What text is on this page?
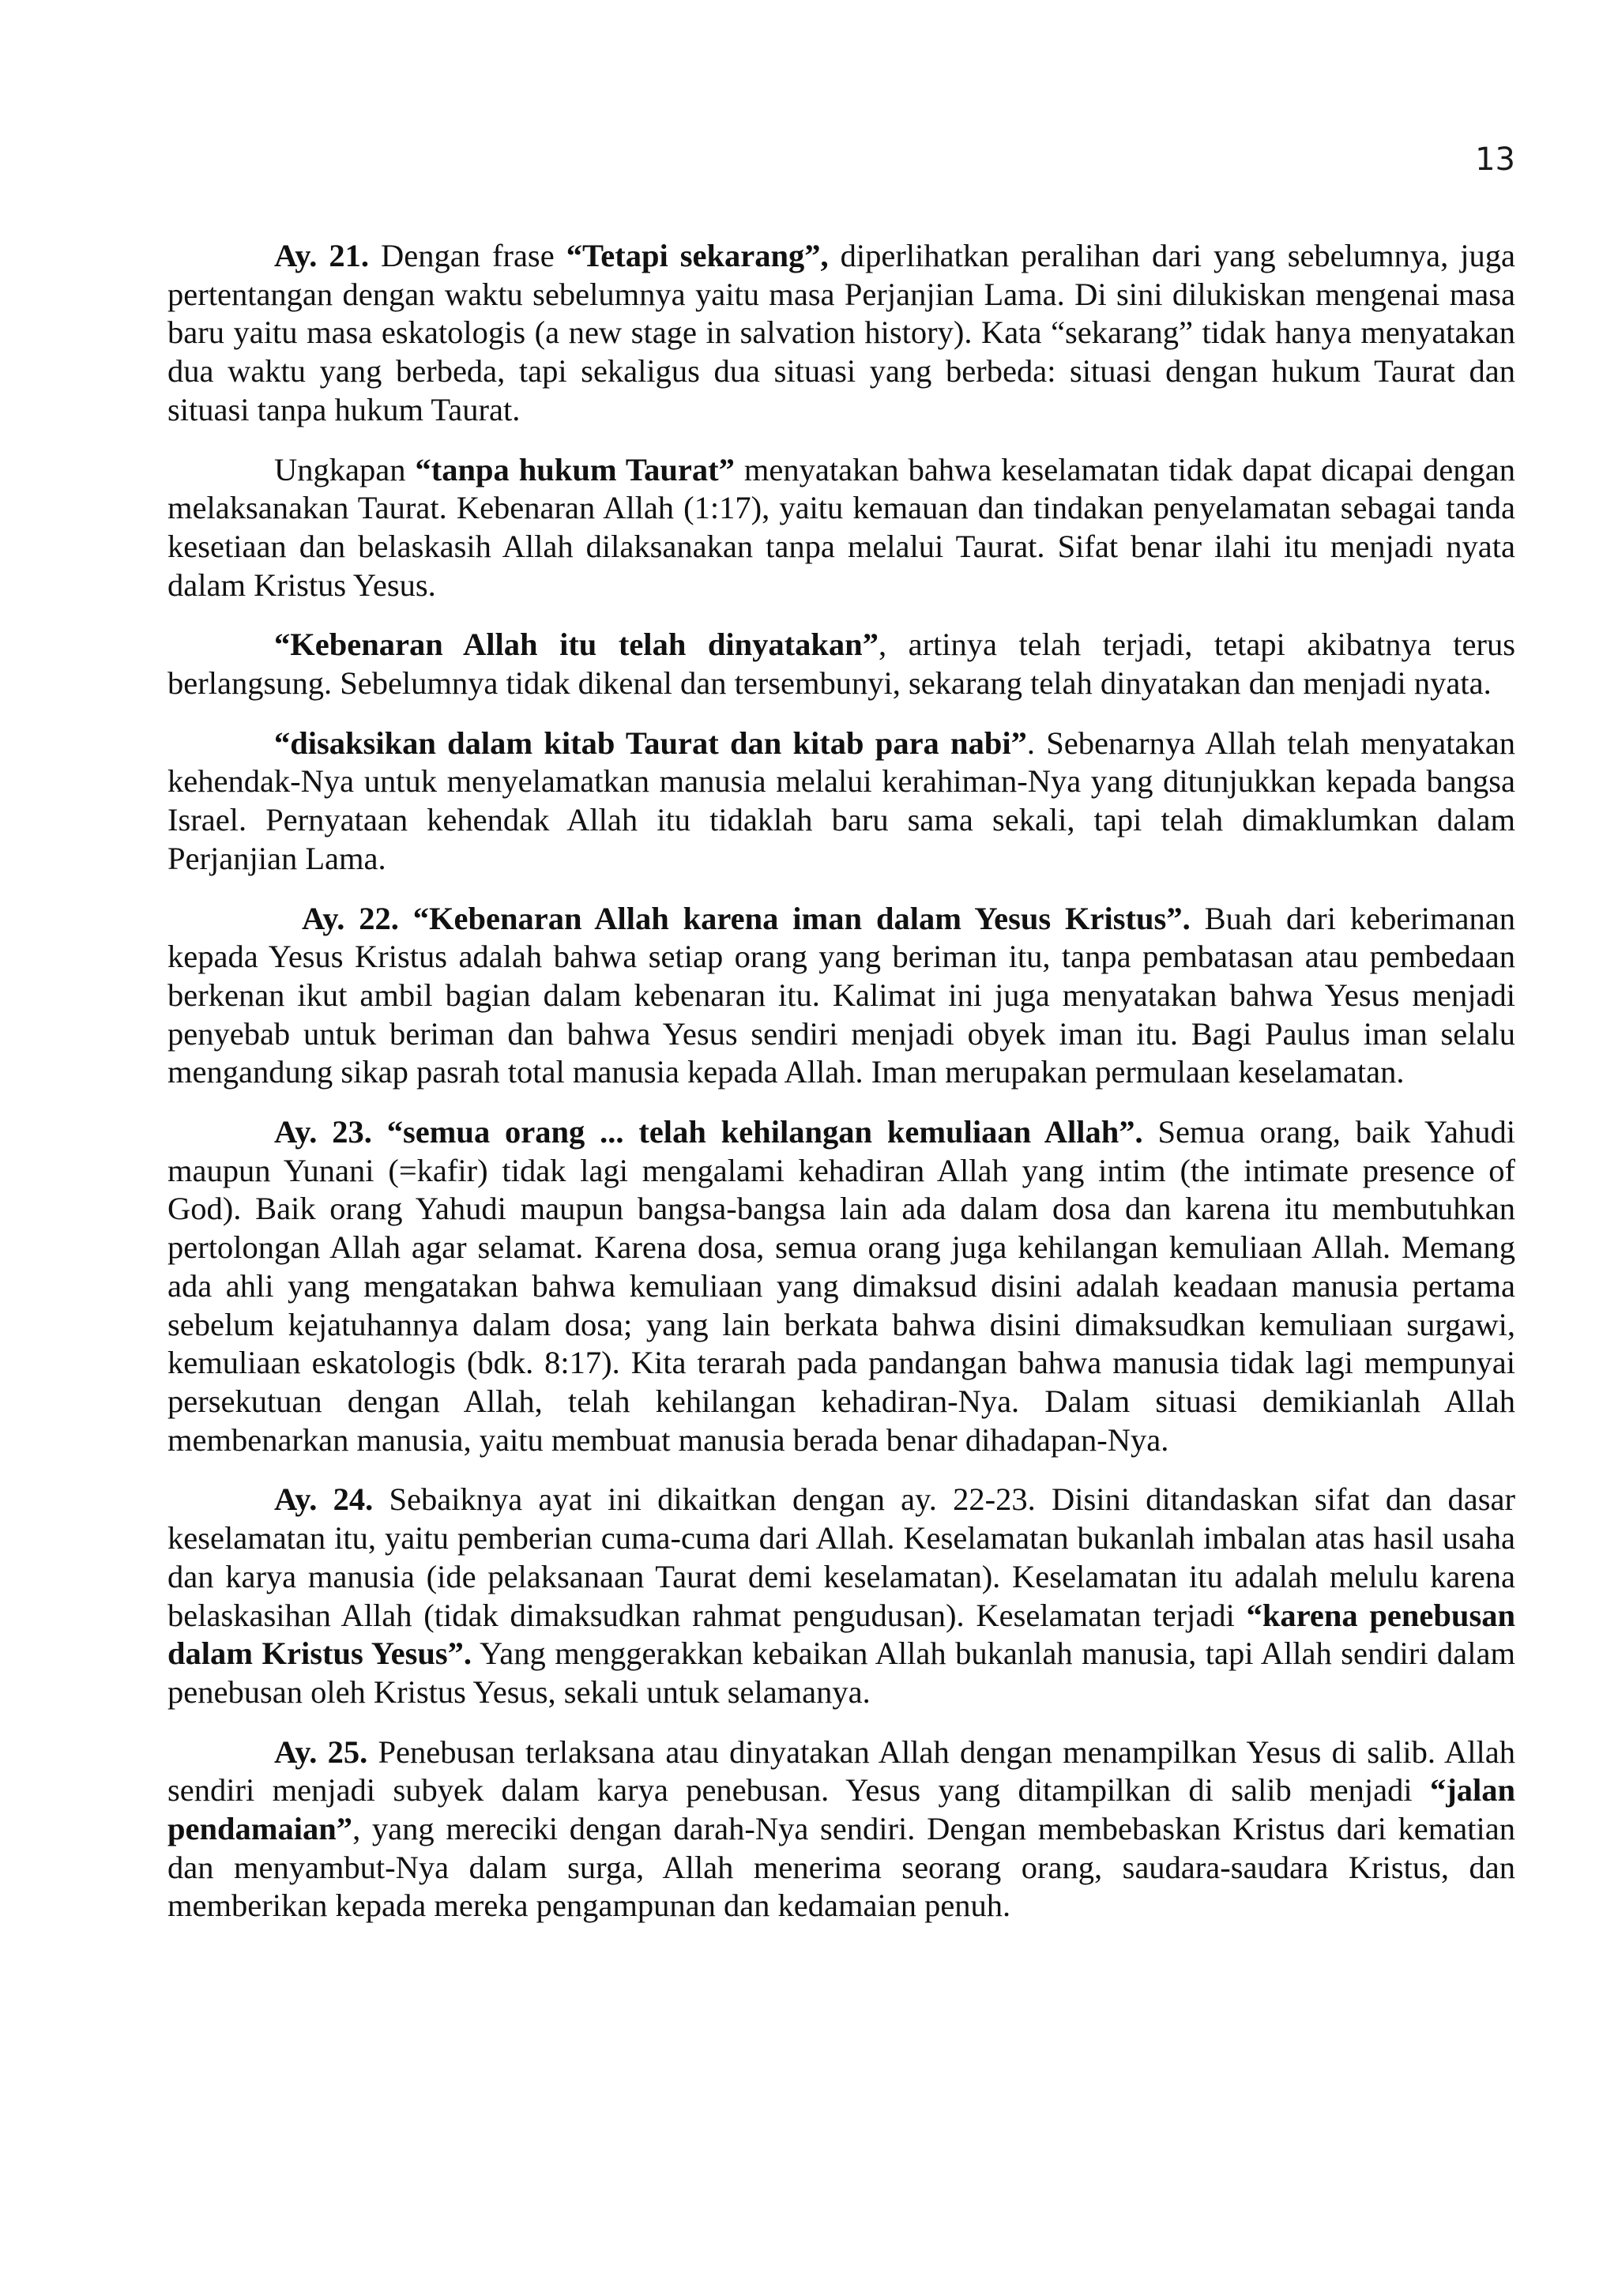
13

Ay. 21. Dengan frase “Tetapi sekarang”, diperlihatkan peralihan dari yang sebelumnya, juga pertentangan dengan waktu sebelumnya yaitu masa Perjanjian Lama. Di sini dilukiskan mengenai masa baru yaitu masa eskatologis (a new stage in salvation history). Kata “sekarang” tidak hanya menyatakan dua waktu yang berbeda, tapi sekaligus dua situasi yang berbeda: situasi dengan hukum Taurat dan situasi tanpa hukum Taurat.

Ungkapan “tanpa hukum Taurat” menyatakan bahwa keselamatan tidak dapat dicapai dengan melaksanakan Taurat. Kebenaran Allah (1:17), yaitu kemauan dan tindakan penyelamatan sebagai tanda kesetiaan dan belaskasih Allah dilaksanakan tanpa melalui Taurat. Sifat benar ilahi itu menjadi nyata dalam Kristus Yesus.

“Kebenaran Allah itu telah dinyatakan”, artinya telah terjadi, tetapi akibatnya terus berlangsung. Sebelumnya tidak dikenal dan tersembunyi, sekarang telah dinyatakan dan menjadi nyata.

“disaksikan dalam kitab Taurat dan kitab para nabi”. Sebenarnya Allah telah menyatakan kehendak-Nya untuk menyelamatkan manusia melalui kerahiman-Nya yang ditunjukkan kepada bangsa Israel. Pernyataan kehendak Allah itu tidaklah baru sama sekali, tapi telah dimaklumkan dalam Perjanjian Lama.

Ay. 22. “Kebenaran Allah karena iman dalam Yesus Kristus”. Buah dari keberimanan kepada Yesus Kristus adalah bahwa setiap orang yang beriman itu, tanpa pembatasan atau pembedaan berkenan ikut ambil bagian dalam kebenaran itu. Kalimat ini juga menyatakan bahwa Yesus menjadi penyebab untuk beriman dan bahwa Yesus sendiri menjadi obyek iman itu. Bagi Paulus iman selalu mengandung sikap pasrah total manusia kepada Allah. Iman merupakan permulaan keselamatan.

Ay. 23. “semua orang ... telah kehilangan kemuliaan Allah”. Semua orang, baik Yahudi maupun Yunani (=kafir) tidak lagi mengalami kehadiran Allah yang intim (the intimate presence of God). Baik orang Yahudi maupun bangsa-bangsa lain ada dalam dosa dan karena itu membutuhkan pertolongan Allah agar selamat. Karena dosa, semua orang juga kehilangan kemuliaan Allah. Memang ada ahli yang mengatakan bahwa kemuliaan yang dimaksud disini adalah keadaan manusia pertama sebelum kejatuhannya dalam dosa; yang lain berkata bahwa disini dimaksudkan kemuliaan surgawi, kemuliaan eskatologis (bdk. 8:17). Kita terarah pada pandangan bahwa manusia tidak lagi mempunyai persekutuan dengan Allah, telah kehilangan kehadiran-Nya. Dalam situasi demikianlah Allah membenarkan manusia, yaitu membuat manusia berada benar dihadapan-Nya.

Ay. 24. Sebaiknya ayat ini dikaitkan dengan ay. 22-23. Disini ditandaskan sifat dan dasar keselamatan itu, yaitu pemberian cuma-cuma dari Allah. Keselamatan bukanlah imbalan atas hasil usaha dan karya manusia (ide pelaksanaan Taurat demi keselamatan). Keselamatan itu adalah melulu karena belaskasihan Allah (tidak dimaksudkan rahmat pengudusan). Keselamatan terjadi “karena penebusan dalam Kristus Yesus”. Yang menggerakkan kebaikan Allah bukanlah manusia, tapi Allah sendiri dalam penebusan oleh Kristus Yesus, sekali untuk selamanya.

Ay. 25. Penebusan terlaksana atau dinyatakan Allah dengan menampilkan Yesus di salib. Allah sendiri menjadi subyek dalam karya penebusan. Yesus yang ditampilkan di salib menjadi “jalan pendamaian”, yang mereciki dengan darah-Nya sendiri. Dengan membebaskan Kristus dari kematian dan menyambut-Nya dalam surga, Allah menerima seorang orang, saudara-saudara Kristus, dan memberikan kepada mereka pengampunan dan kedamaian penuh.
